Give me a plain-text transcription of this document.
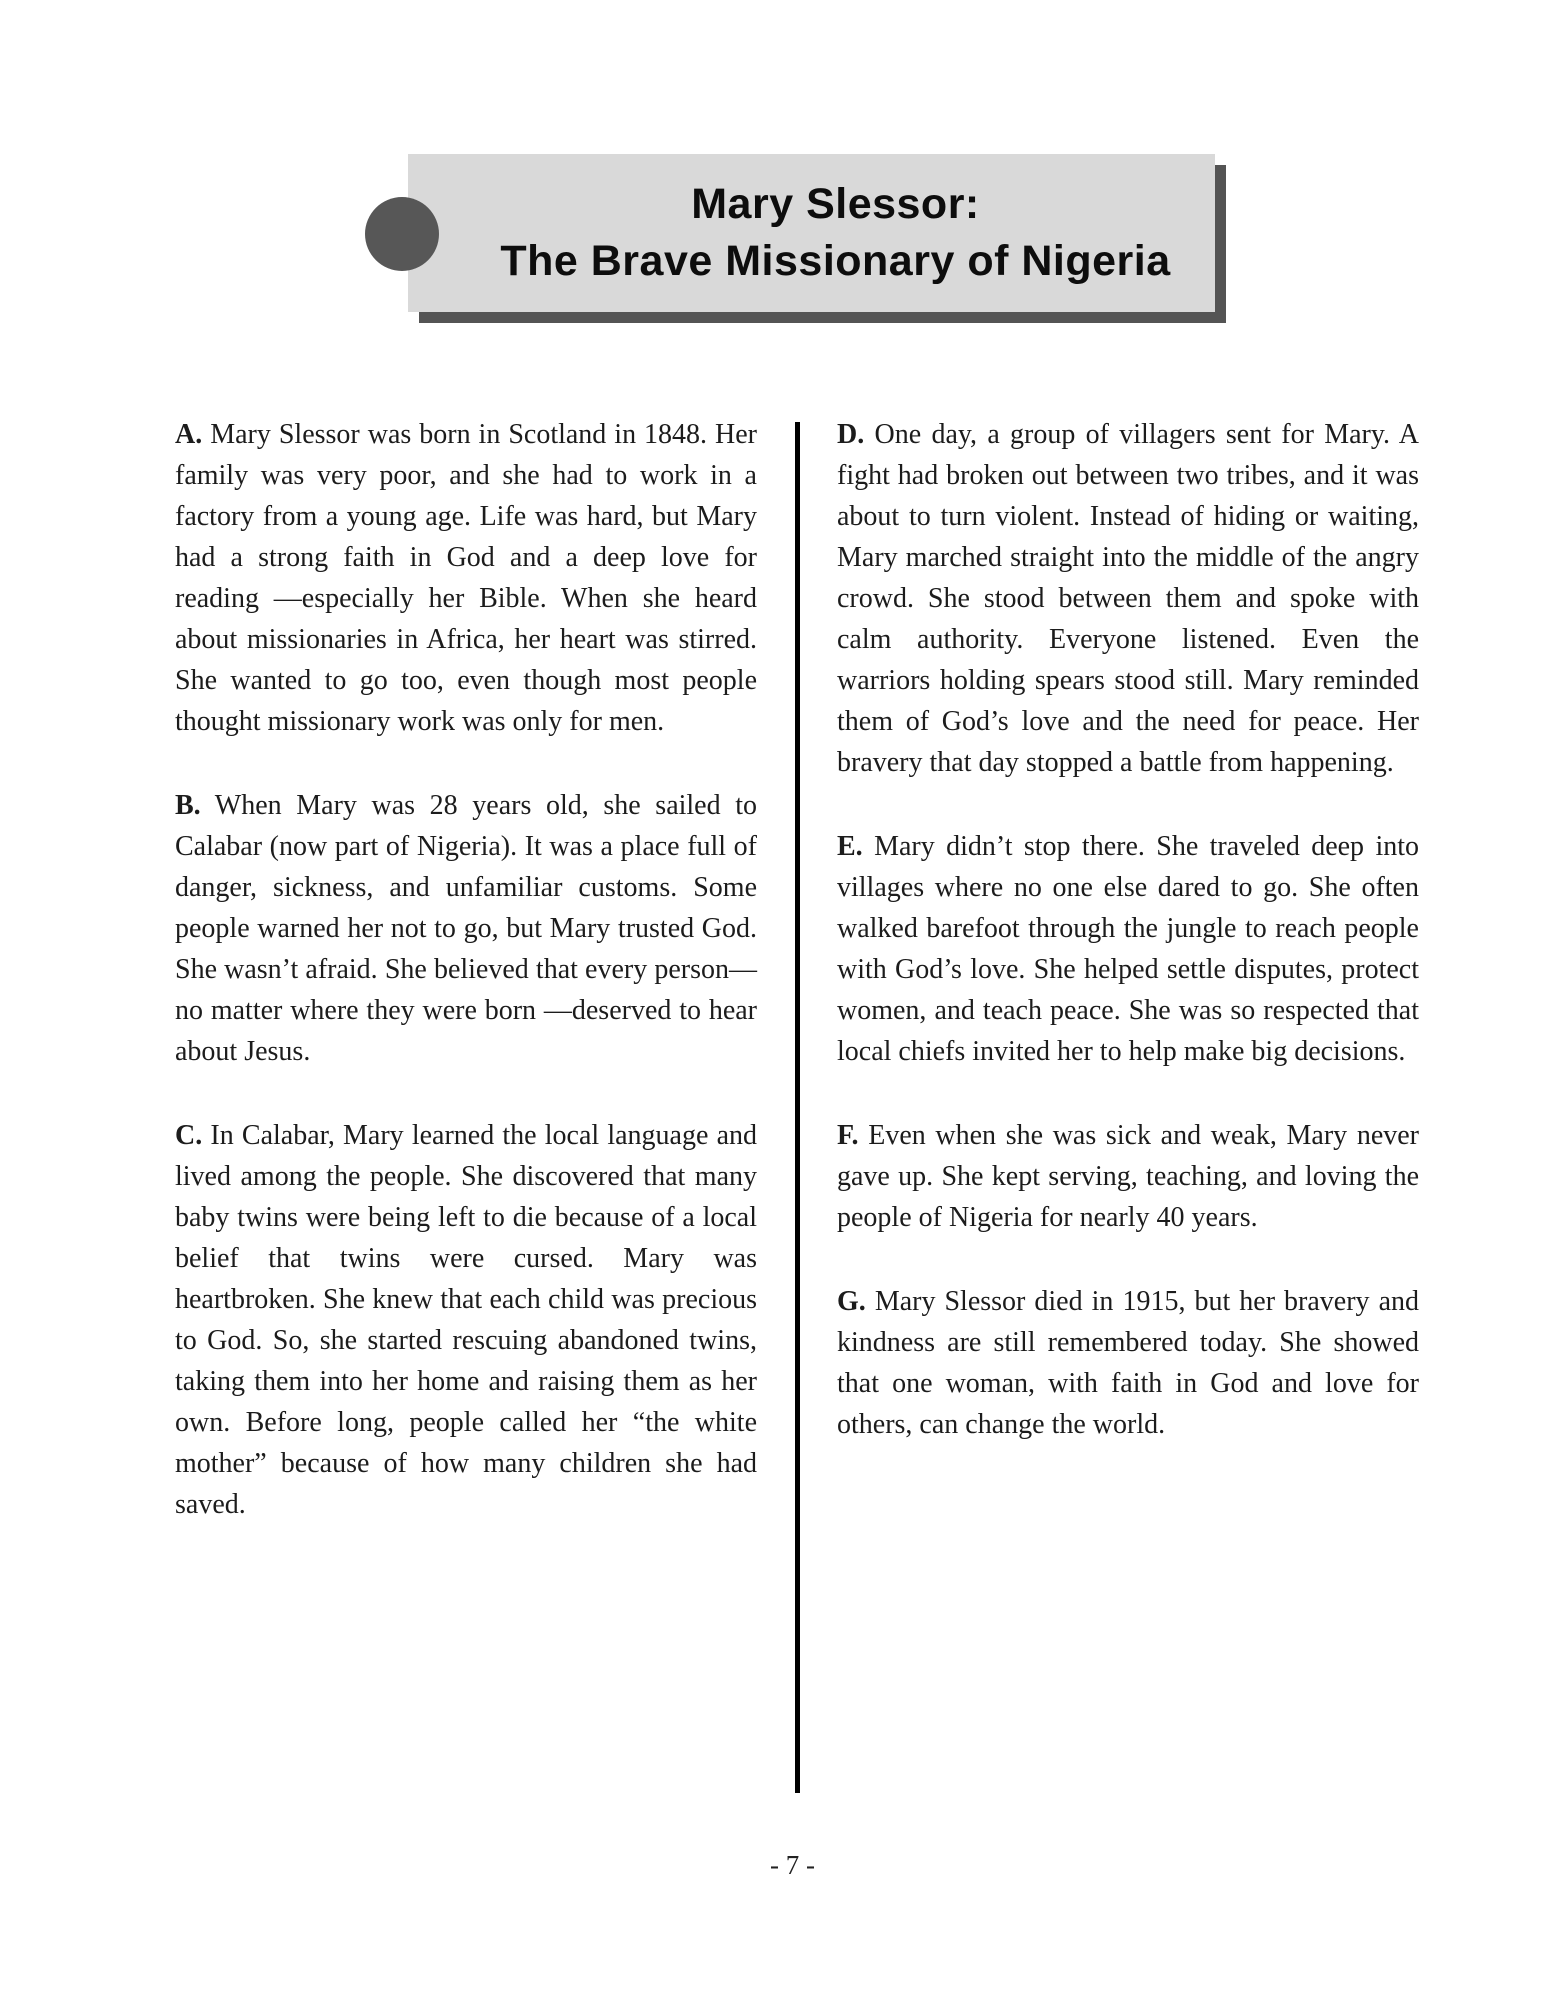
Mary Slessor:
The Brave Missionary of Nigeria

A. Mary Slessor was born in Scotland in 1848. Her family was very poor, and she had to work in a factory from a young age. Life was hard, but Mary had a strong faith in God and a deep love for reading —especially her Bible. When she heard about missionaries in Africa, her heart was stirred. She wanted to go too, even though most people thought missionary work was only for men.

B. When Mary was 28 years old, she sailed to Calabar (now part of Nigeria). It was a place full of danger, sickness, and unfamiliar customs. Some people warned her not to go, but Mary trusted God. She wasn’t afraid. She believed that every person—no matter where they were born —deserved to hear about Jesus.

C. In Calabar, Mary learned the local language and lived among the people. She discovered that many baby twins were being left to die because of a local belief that twins were cursed. Mary was heartbroken. She knew that each child was precious to God. So, she started rescuing abandoned twins, taking them into her home and raising them as her own. Before long, people called her “the white mother” because of how many children she had saved.

D. One day, a group of villagers sent for Mary. A fight had broken out between two tribes, and it was about to turn violent. Instead of hiding or waiting, Mary marched straight into the middle of the angry crowd. She stood between them and spoke with calm authority. Everyone listened. Even the warriors holding spears stood still. Mary reminded them of God’s love and the need for peace. Her bravery that day stopped a battle from happening.

E. Mary didn’t stop there. She traveled deep into villages where no one else dared to go. She often walked barefoot through the jungle to reach people with God’s love. She helped settle disputes, protect women, and teach peace. She was so respected that local chiefs invited her to help make big decisions.

F. Even when she was sick and weak, Mary never gave up. She kept serving, teaching, and loving the people of Nigeria for nearly 40 years.

G. Mary Slessor died in 1915, but her bravery and kindness are still remembered today. She showed that one woman, with faith in God and love for others, can change the world.

- 7 -
